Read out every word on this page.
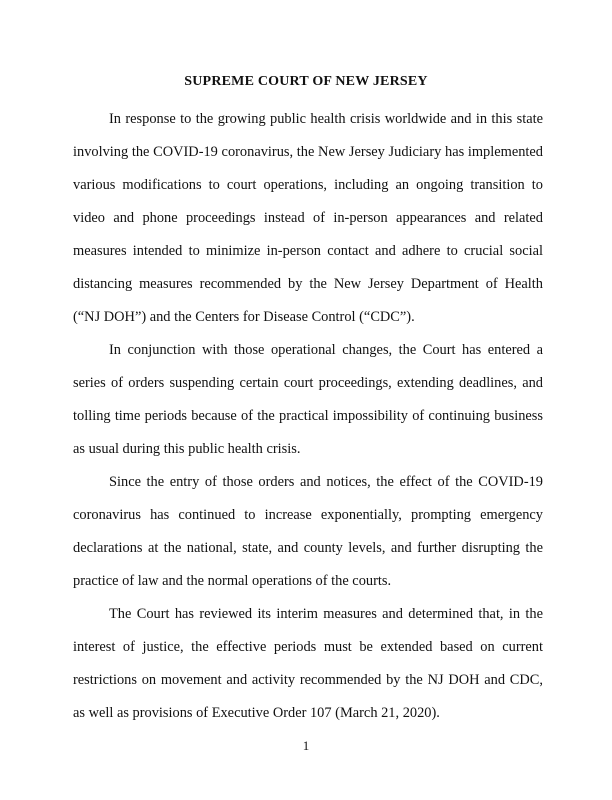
SUPREME COURT OF NEW JERSEY

In response to the growing public health crisis worldwide and in this state involving the COVID-19 coronavirus, the New Jersey Judiciary has implemented various modifications to court operations, including an ongoing transition to video and phone proceedings instead of in-person appearances and related measures intended to minimize in-person contact and adhere to crucial social distancing measures recommended by the New Jersey Department of Health (“NJ DOH”) and the Centers for Disease Control (“CDC”).

In conjunction with those operational changes, the Court has entered a series of orders suspending certain court proceedings, extending deadlines, and tolling time periods because of the practical impossibility of continuing business as usual during this public health crisis.

Since the entry of those orders and notices, the effect of the COVID-19 coronavirus has continued to increase exponentially, prompting emergency declarations at the national, state, and county levels, and further disrupting the practice of law and the normal operations of the courts.

The Court has reviewed its interim measures and determined that, in the interest of justice, the effective periods must be extended based on current restrictions on movement and activity recommended by the NJ DOH and CDC, as well as provisions of Executive Order 107 (March 21, 2020).

1
